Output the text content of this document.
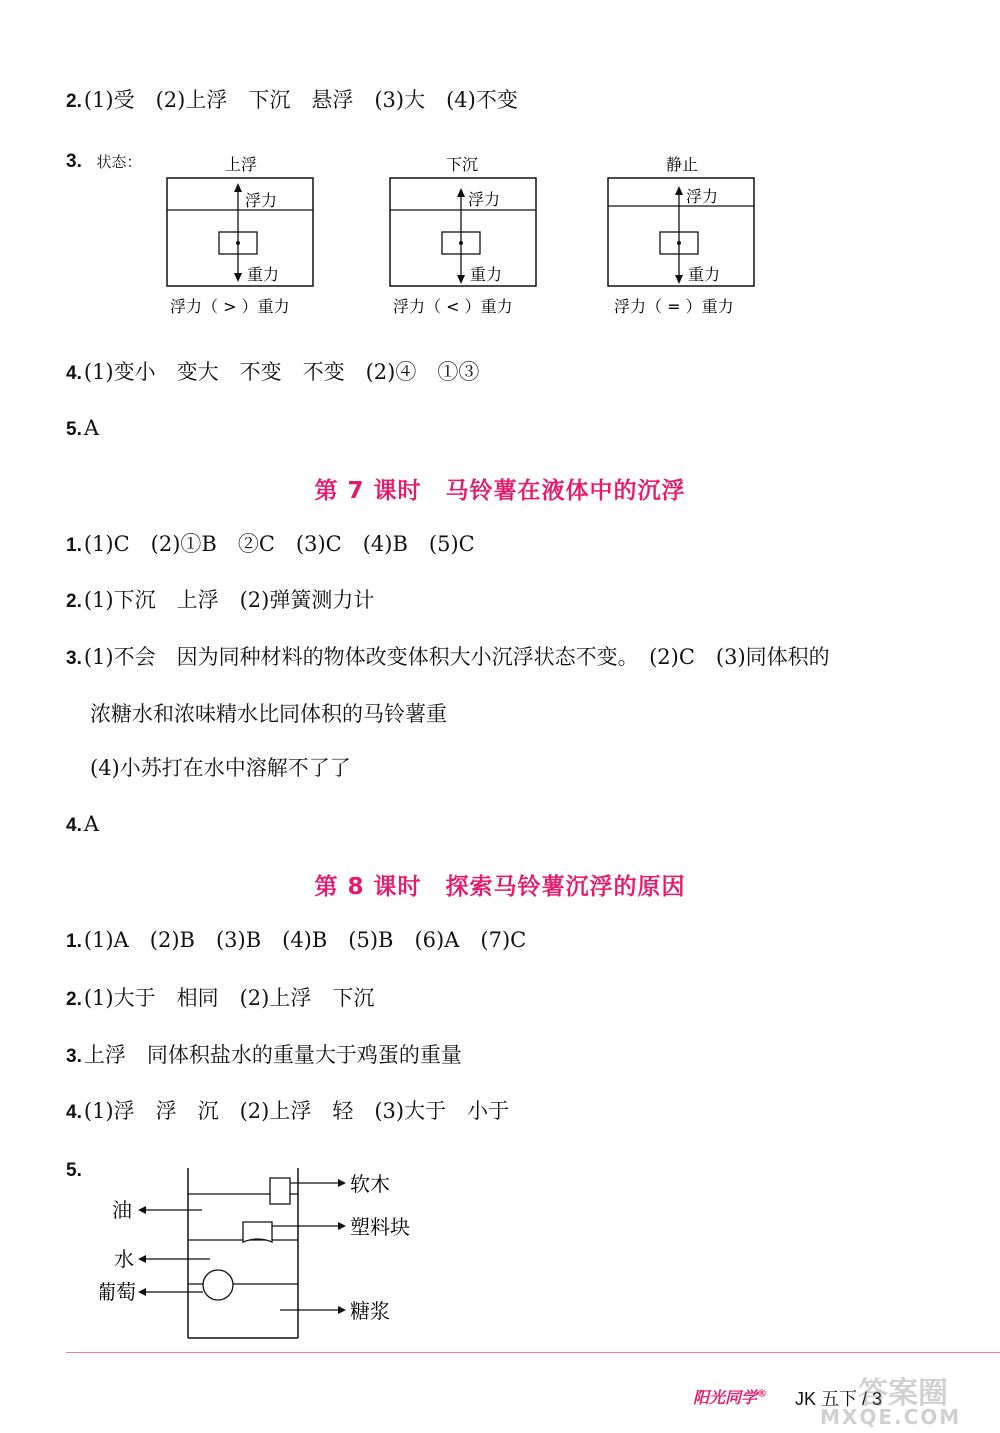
2.(1)受　(2)上浮　下沉　悬浮　(3)大　(4)不变
3. 状态：	上浮
浮力
重力
浮力（ > ）重力
下沉
浮力
重力
浮力（ < ）重力
静止
浮力
重力
浮力（ = ）重力
4.(1)变小　变大　不变　不变　(2)④　①③
5.A
第 7 课时　马铃薯在液体中的沉浮
1.(1)C　(2)①B　②C　(3)C　(4)B　(5)C
2.(1)下沉　上浮　(2)弹簧测力计
3.(1)不会　因为同种材料的物体改变体积大小沉浮状态不变。　(2)C　(3)同体积的
浓糖水和浓味精水比同体积的马铃薯重
(4)小苏打在水中溶解不了了
4.A
第 8 课时　探索马铃薯沉浮的原因
1.(1)A　(2)B　(3)B　(4)B　(5)B　(6)A　(7)C
2.(1)大于　相同　(2)上浮　下沉
3.上浮　同体积盐水的重量大于鸡蛋的重量
4.(1)浮　浮　沉　(2)上浮　轻　(3)大于　小于
5.
油
水
葡萄
软木
塑料块
糖浆
阳光同学® JK 五下 / 3
答案圈
MXQE.COM
